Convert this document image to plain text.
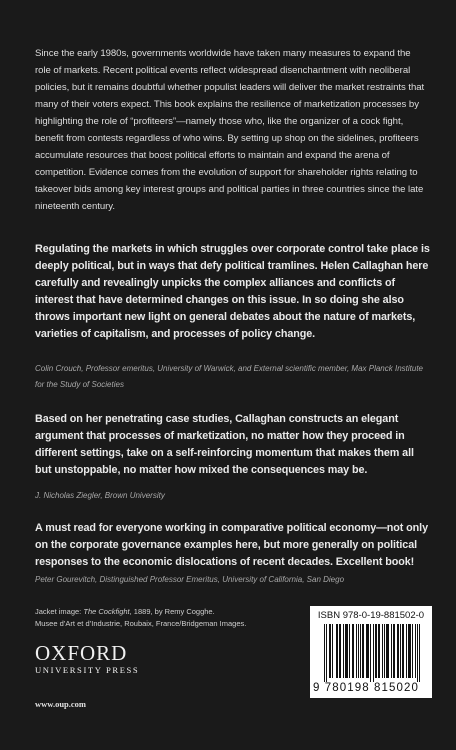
Since the early 1980s, governments worldwide have taken many measures to expand the role of markets. Recent political events reflect widespread disenchantment with neoliberal policies, but it remains doubtful whether populist leaders will deliver the market restraints that many of their voters expect. This book explains the resilience of marketization processes by highlighting the role of “profiteers”—namely those who, like the organizer of a cock fight, benefit from contests regardless of who wins. By setting up shop on the sidelines, profiteers accumulate resources that boost political efforts to maintain and expand the arena of competition. Evidence comes from the evolution of support for shareholder rights relating to takeover bids among key interest groups and political parties in three countries since the late nineteenth century.
Regulating the markets in which struggles over corporate control take place is deeply political, but in ways that defy political tramlines. Helen Callaghan here carefully and revealingly unpicks the complex alliances and conflicts of interest that have determined changes on this issue. In so doing she also throws important new light on general debates about the nature of markets, varieties of capitalism, and processes of policy change.
Colin Crouch, Professor emeritus, University of Warwick, and External scientific member, Max Planck Institute for the Study of Societies
Based on her penetrating case studies, Callaghan constructs an elegant argument that processes of marketization, no matter how they proceed in different settings, take on a self-reinforcing momentum that makes them all but unstoppable, no matter how mixed the consequences may be.
J. Nicholas Ziegler, Brown University
A must read for everyone working in comparative political economy—not only on the corporate governance examples here, but more generally on political responses to the economic dislocations of recent decades. Excellent book!
Peter Gourevitch, Distinguished Professor Emeritus, University of California, San Diego
Jacket image: The Cockfight, 1889, by Remy Cogghe.
Musee d’Art et d’Industrie, Roubaix, France/Bridgeman Images.
OXFORD
UNIVERSITY PRESS
www.oup.com
ISBN 978-0-19-881502-0
9 780198 815020
